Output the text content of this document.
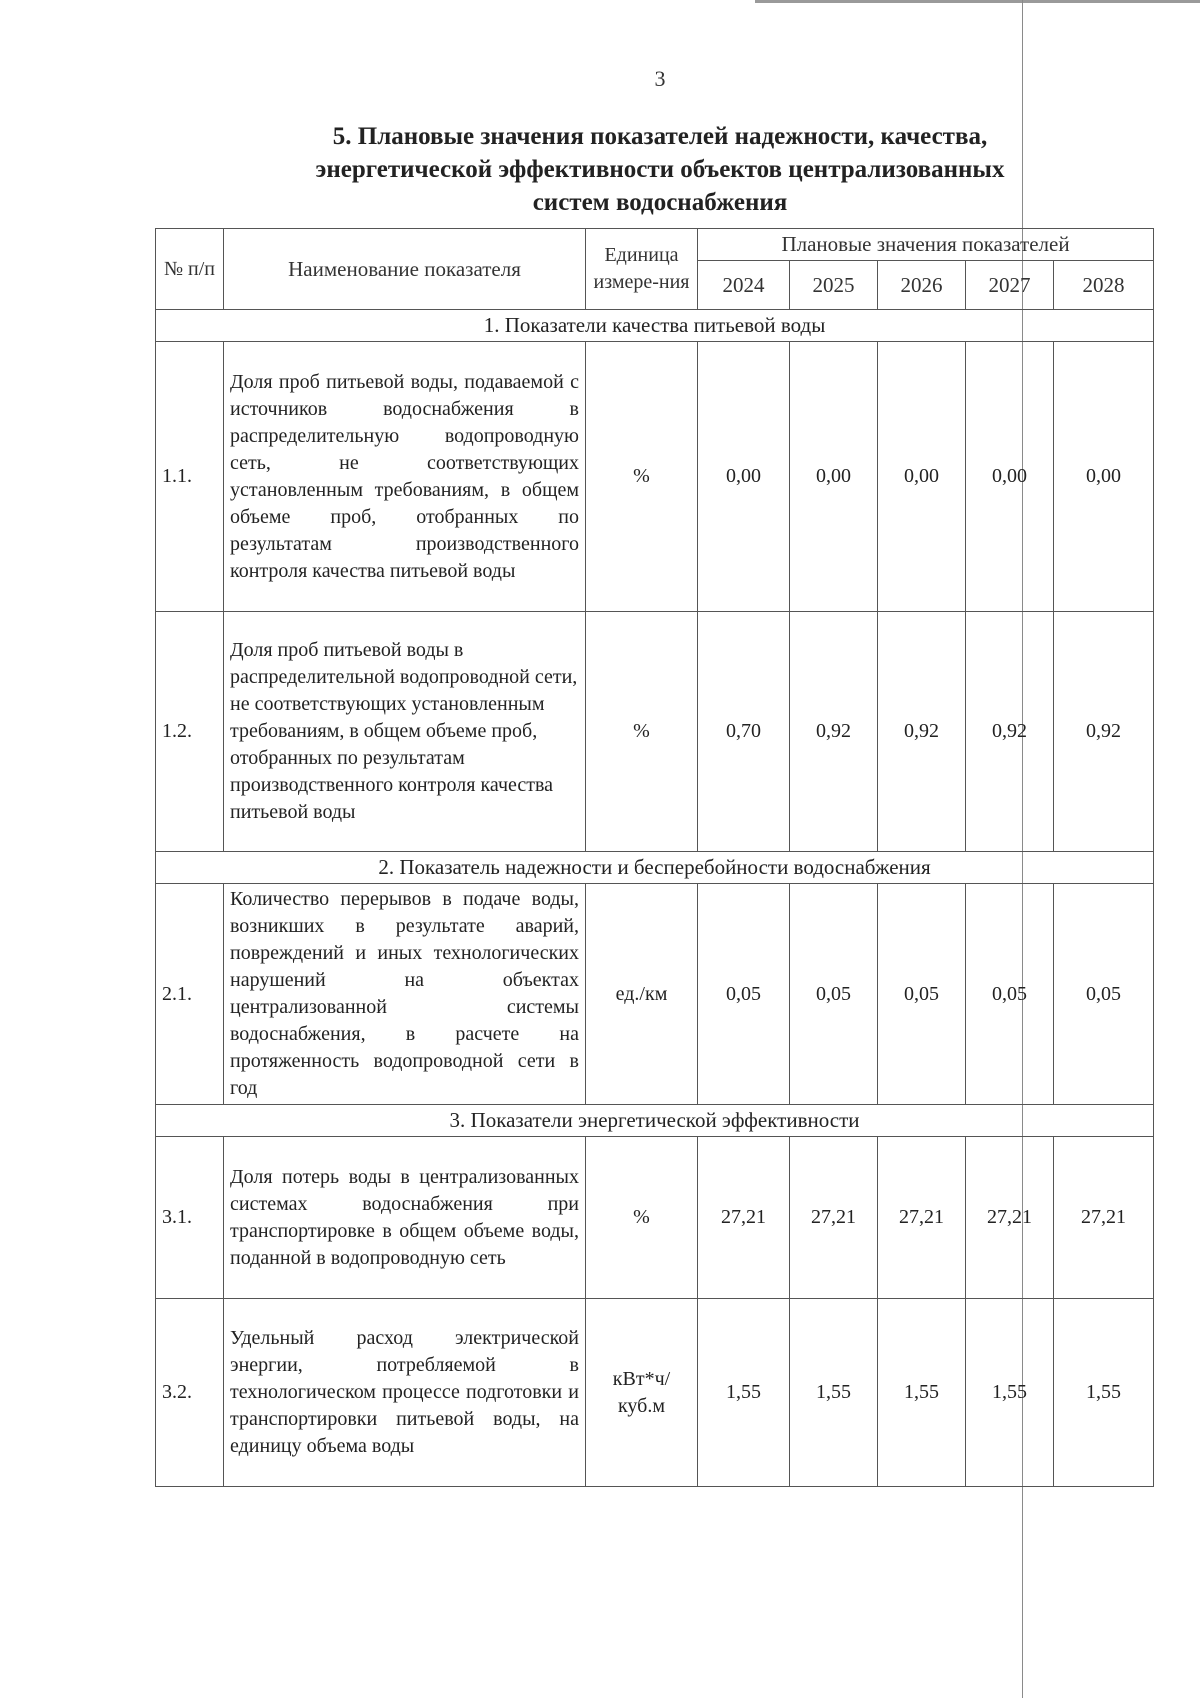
3
5. Плановые значения показателей надежности, качества,
энергетической эффективности объектов централизованных
систем водоснабжения
№ п/п	Наименование показателя	Единица измере-ния	Плановые значения показателей				
			2024	2025	2026	2027	2028
1. Показатели качества питьевой воды							
1.1.	Доля проб питьевой воды, подаваемой с источников водоснабжения в распределительную водопроводную сеть, не соответствующих установленным требованиям, в общем объеме проб, отобранных по результатам производственного контроля качества питьевой воды	%	0,00	0,00	0,00	0,00	0,00
1.2.	Доля проб питьевой воды в распределительной водопроводной сети, не соответствующих установленным требованиям, в общем объеме проб, отобранных по результатам производственного контроля качества питьевой воды	%	0,70	0,92	0,92	0,92	0,92
2. Показатель надежности и бесперебойности водоснабжения							
2.1.	Количество перерывов в подаче воды, возникших в результате аварий, повреждений и иных технологических нарушений на объектах централизованной системы водоснабжения, в расчете на протяженность водопроводной сети в год	ед./км	0,05	0,05	0,05	0,05	0,05
3. Показатели энергетической эффективности							
3.1.	Доля потерь воды в централизованных системах водоснабжения при транспортировке в общем объеме воды, поданной в водопроводную сеть	%	27,21	27,21	27,21	27,21	27,21
3.2.	Удельный расход электрической энергии, потребляемой в технологическом процессе подготовки и транспортировки питьевой воды, на единицу объема воды	кВт*ч/ куб.м	1,55	1,55	1,55	1,55	1,55
